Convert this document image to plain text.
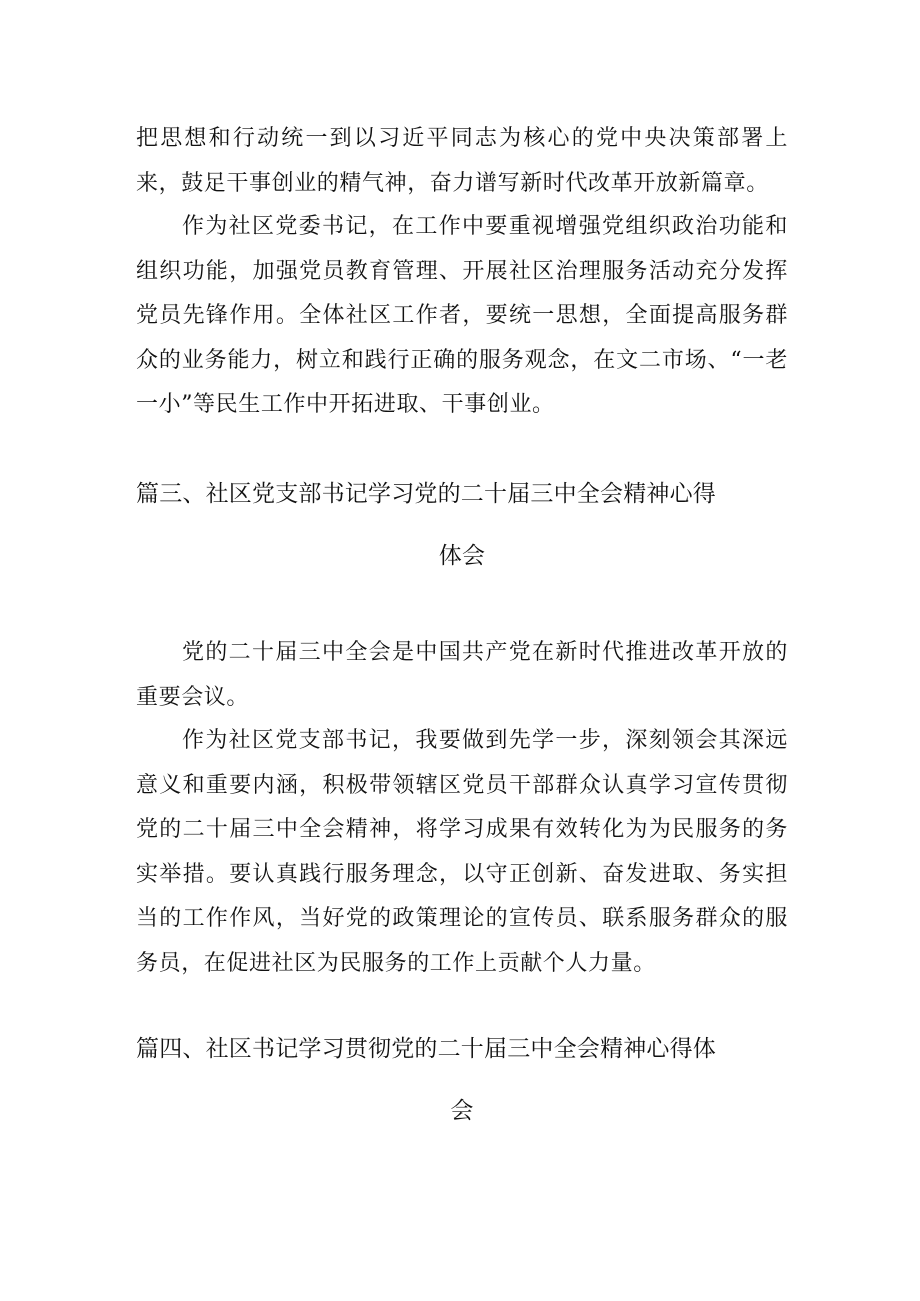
把思想和行动统一到以习近平同志为核心的党中央决策部署上来，鼓足干事创业的精气神，奋力谱写新时代改革开放新篇章。

作为社区党委书记，在工作中要重视增强党组织政治功能和组织功能，加强党员教育管理、开展社区治理服务活动充分发挥党员先锋作用。全体社区工作者，要统一思想，全面提高服务群众的业务能力，树立和践行正确的服务观念，在文二市场、“一老一小”等民生工作中开拓进取、干事创业。

篇三、社区党支部书记学习党的二十届三中全会精神心得
体会

党的二十届三中全会是中国共产党在新时代推进改革开放的重要会议。

作为社区党支部书记，我要做到先学一步，深刻领会其深远意义和重要内涵，积极带领辖区党员干部群众认真学习宣传贯彻党的二十届三中全会精神，将学习成果有效转化为为民服务的务实举措。要认真践行服务理念，以守正创新、奋发进取、务实担当的工作作风，当好党的政策理论的宣传员、联系服务群众的服务员，在促进社区为民服务的工作上贡献个人力量。

篇四、社区书记学习贯彻党的二十届三中全会精神心得体
会
